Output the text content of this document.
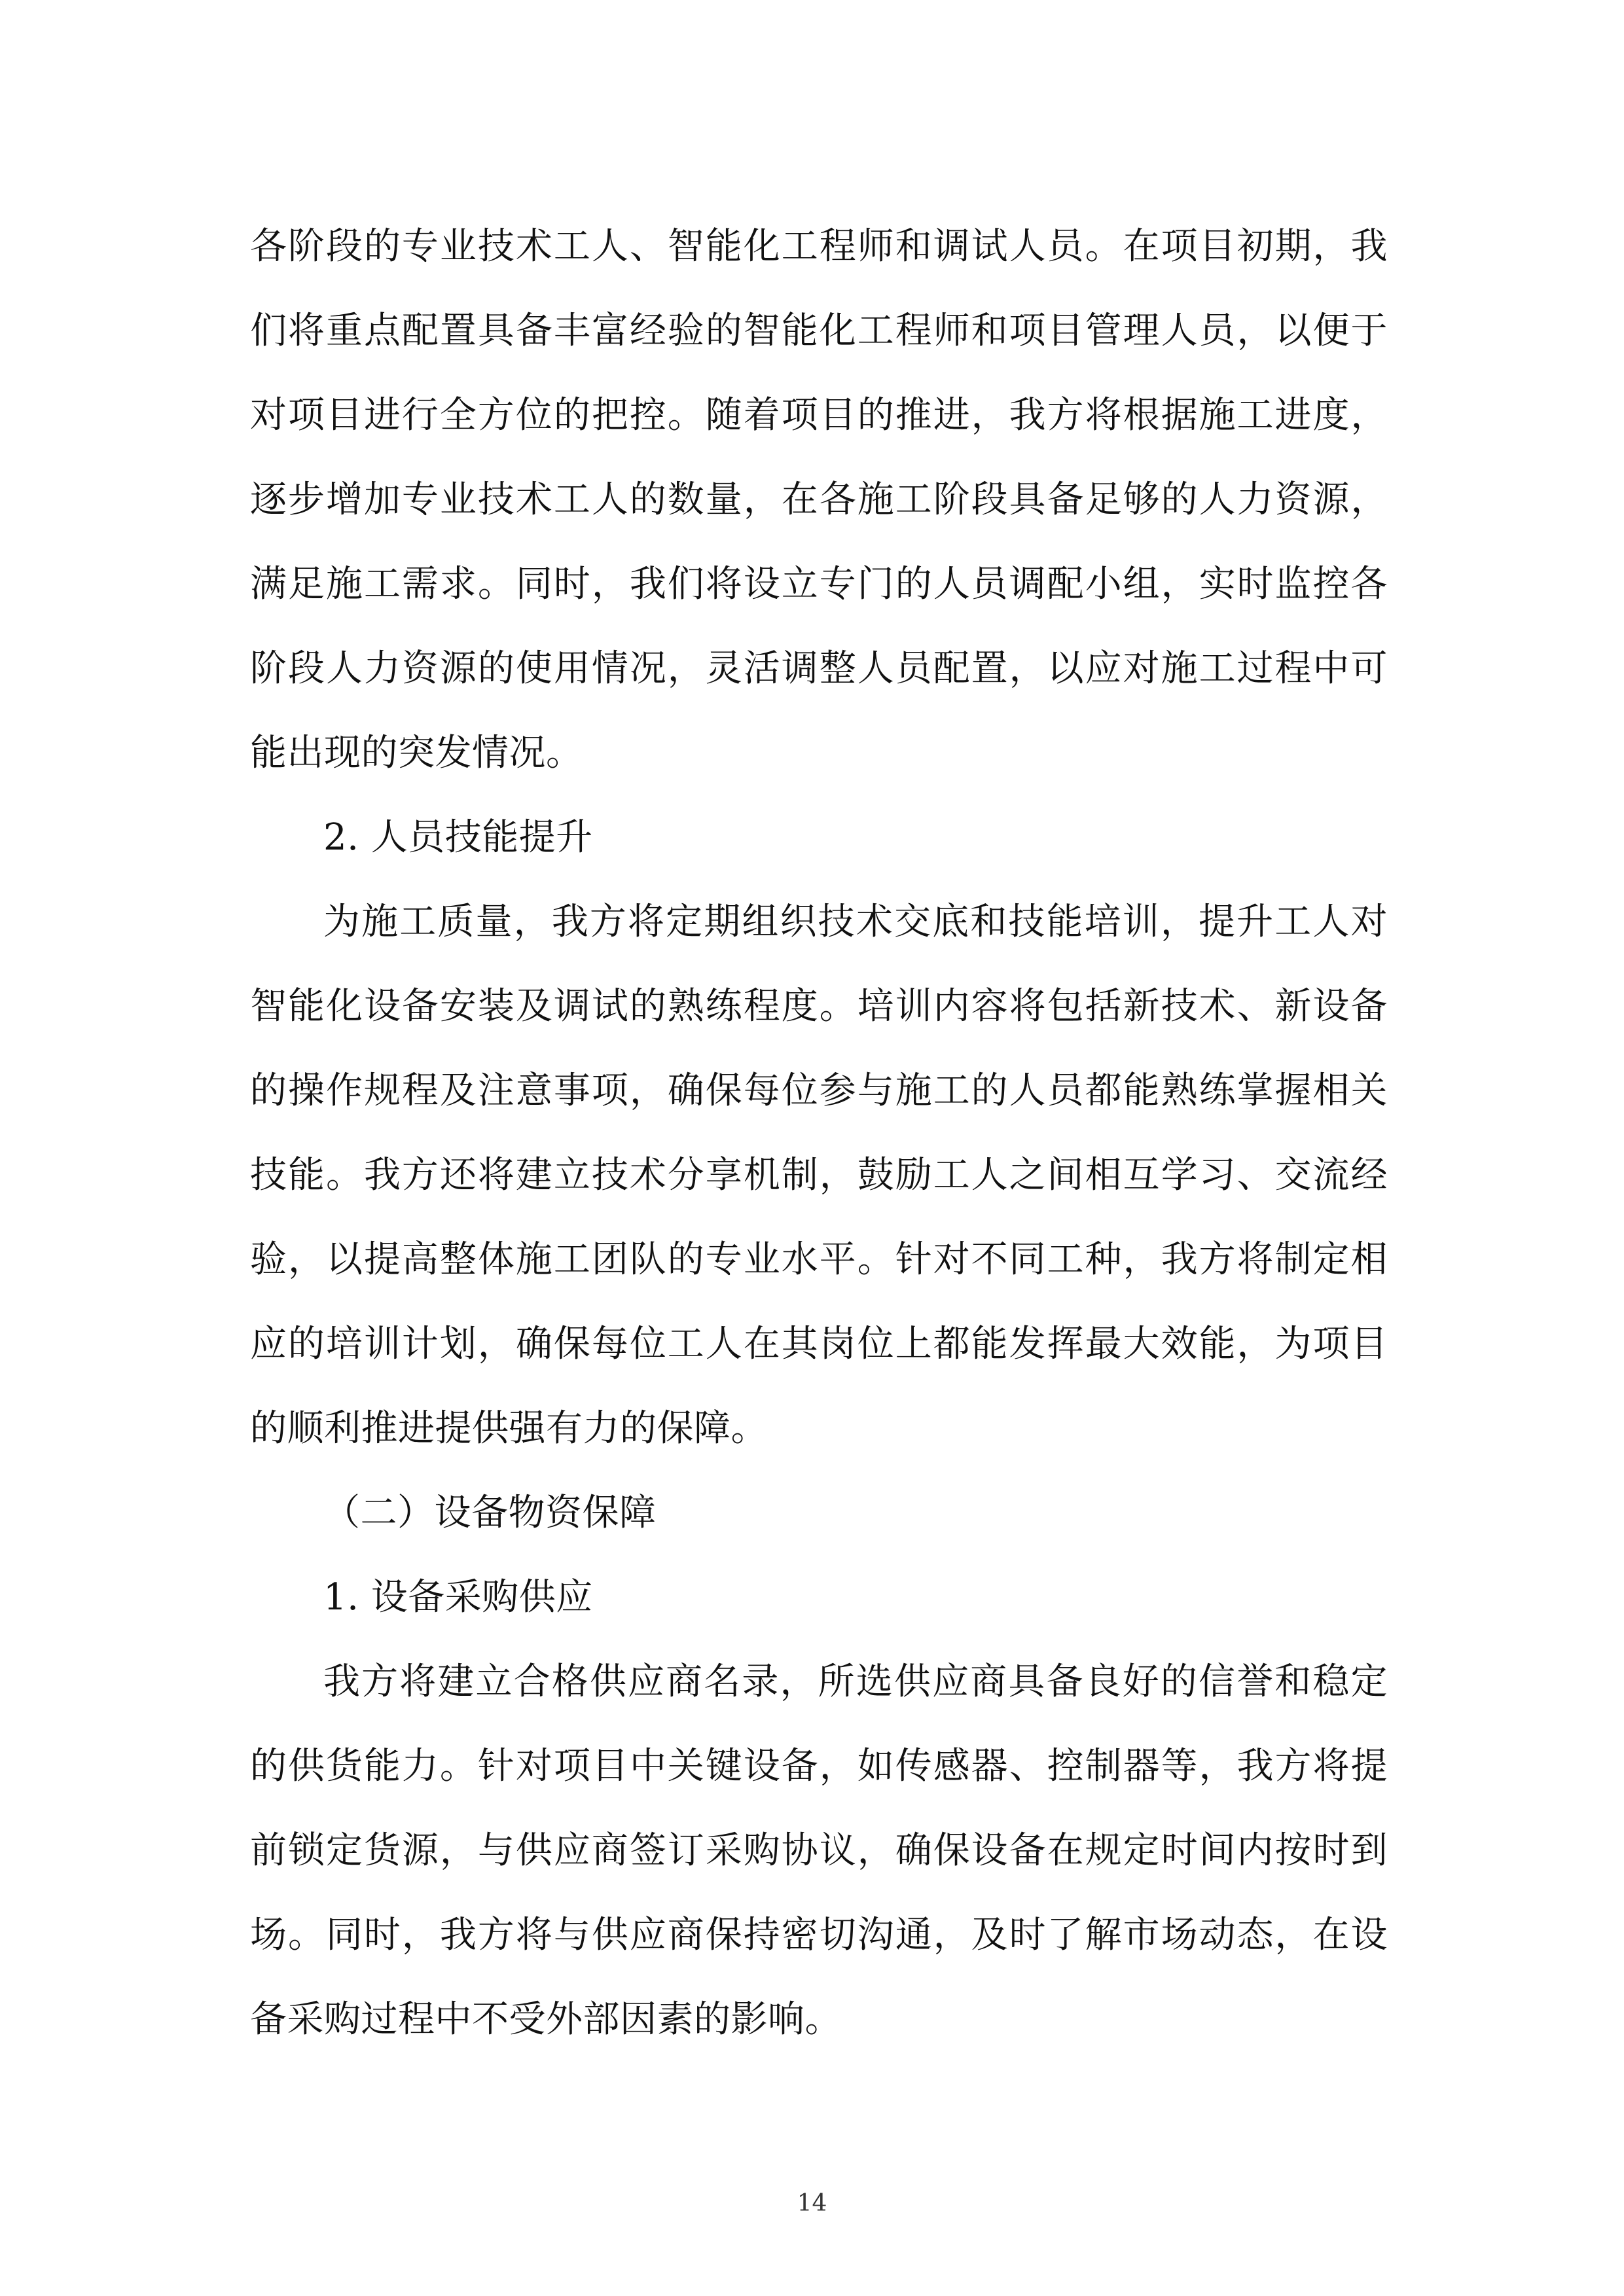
各阶段的专业技术工人、智能化工程师和调试人员。在项目初期，我们将重点配置具备丰富经验的智能化工程师和项目管理人员，以便于对项目进行全方位的把控。随着项目的推进，我方将根据施工进度，逐步增加专业技术工人的数量，在各施工阶段具备足够的人力资源，满足施工需求。同时，我们将设立专门的人员调配小组，实时监控各阶段人力资源的使用情况，灵活调整人员配置，以应对施工过程中可能出现的突发情况。

2. 人员技能提升

为施工质量，我方将定期组织技术交底和技能培训，提升工人对智能化设备安装及调试的熟练程度。培训内容将包括新技术、新设备的操作规程及注意事项，确保每位参与施工的人员都能熟练掌握相关技能。我方还将建立技术分享机制，鼓励工人之间相互学习、交流经验，以提高整体施工团队的专业水平。针对不同工种，我方将制定相应的培训计划，确保每位工人在其岗位上都能发挥最大效能，为项目的顺利推进提供强有力的保障。

（二）设备物资保障

1. 设备采购供应

我方将建立合格供应商名录，所选供应商具备良好的信誉和稳定的供货能力。针对项目中关键设备，如传感器、控制器等，我方将提前锁定货源，与供应商签订采购协议，确保设备在规定时间内按时到场。同时，我方将与供应商保持密切沟通，及时了解市场动态，在设备采购过程中不受外部因素的影响。

14
